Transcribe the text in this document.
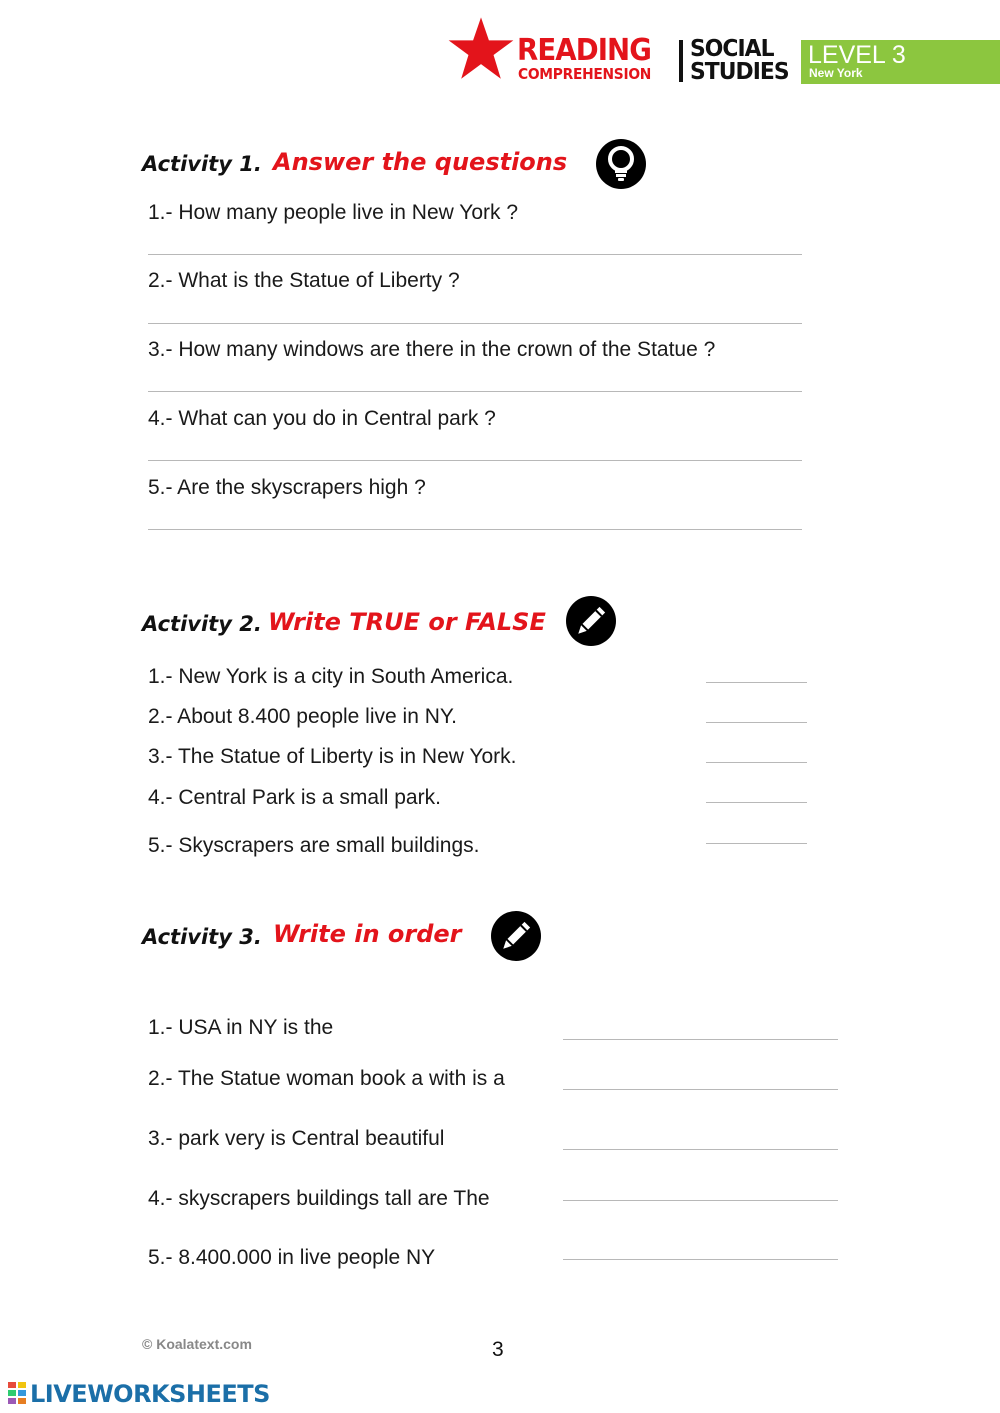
READING
COMPREHENSION
SOCIAL
STUDIES
LEVEL 3
New York
Activity 1. Answer the questions
1.- How many people live in New York ?
2.- What is the Statue of Liberty ?
3.- How many windows are there in the crown of the Statue ?
4.- What can you do in Central park ?
5.- Are the skyscrapers high ?
Activity 2. Write TRUE or FALSE
1.- New York is a city in South America.
2.- About 8.400 people live in NY.
3.- The Statue of Liberty is in New York.
4.- Central Park is a small park.
5.- Skyscrapers are small buildings.
Activity 3. Write in order
1.- USA in NY is the
2.- The Statue woman book a with is a
3.- park very is Central beautiful
4.- skyscrapers buildings tall are The
5.- 8.400.000 in live people NY
© Koalatext.com	3
LIVEWORKSHEETS
